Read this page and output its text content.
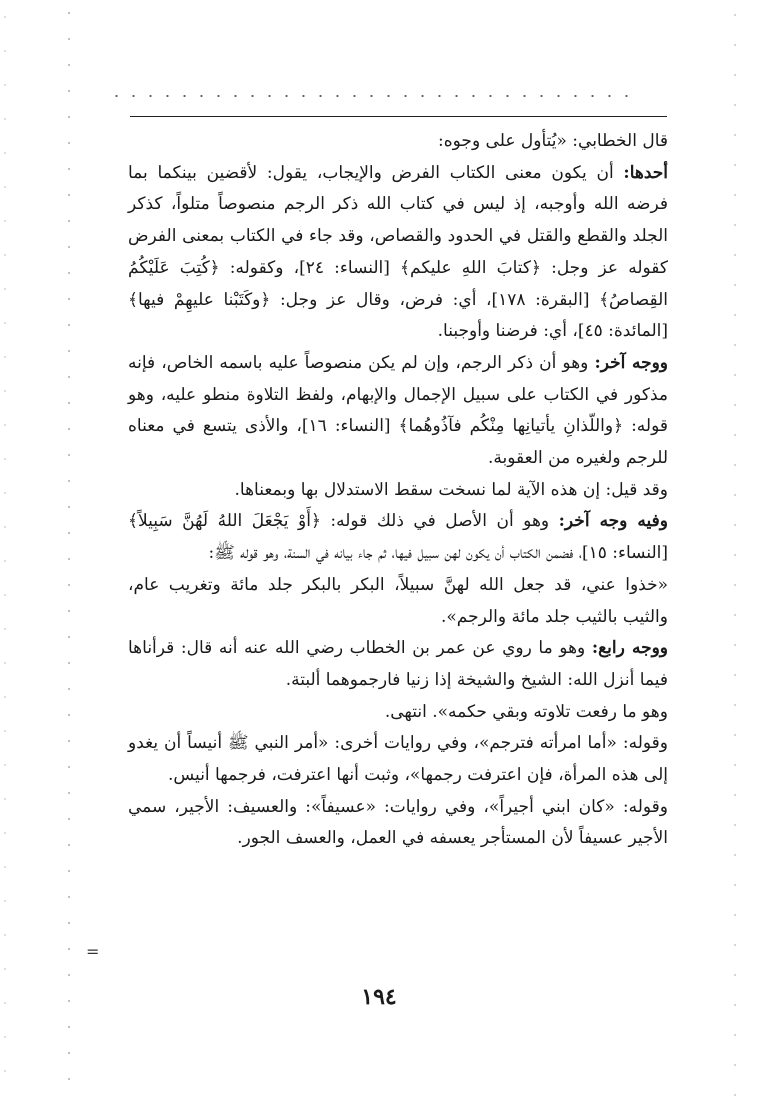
=

قال الخطابي: «يُتأول على وجوه:

أحدها: أن يكون معنى الكتاب الفرض والإيجاب، يقول: لأقضين بينكما بما فرضه الله وأوجبه، إذ ليس في كتاب الله ذكر الرجم منصوصاً متلواً، كذكر الجلد والقطع والقتل في الحدود والقصاص، وقد جاء في الكتاب بمعنى الفرض كقوله عز وجل: ﴿كتابَ اللهِ عليكم﴾ [النساء: ٢٤]، وكقوله: ﴿كُتِبَ عَلَيْكُمُ القِصاصُ﴾ [البقرة: ١٧٨]، أي: فرض، وقال عز وجل: ﴿وكَتَبْنا عليهِمْ فيها﴾ [المائدة: ٤٥]، أي: فرضنا وأوجبنا.

ووجه آخر: وهو أن ذكر الرجم، وإن لم يكن منصوصاً عليه باسمه الخاص، فإنه مذكور في الكتاب على سبيل الإجمال والإبهام، ولفظ التلاوة منطو عليه، وهو قوله: ﴿واللّذانِ يأتيانِها مِنْكُم فآذُوهُما﴾ [النساء: ١٦]، والأذى يتسع في معناه للرجم ولغيره من العقوبة.

وقد قيل: إن هذه الآية لما نسخت سقط الاستدلال بها وبمعناها.

وفيه وجه آخر: وهو أن الأصل في ذلك قوله: ﴿أَوْ يَجْعَلَ اللهُ لَهُنَّ سَبِيلاً﴾ [النساء: ١٥]، فضمن الكتاب أن يكون لهن سبيل فيها، ثم جاء بيانه في السنة، وهو قوله ﷺ:

«خذوا عني، قد جعل الله لهنَّ سبيلاً، البكر بالبكر جلد مائة وتغريب عام، والثيب بالثيب جلد مائة والرجم».

ووجه رابع: وهو ما روي عن عمر بن الخطاب رضي الله عنه أنه قال: قرأناها فيما أنزل الله: الشيخ والشيخة إذا زنيا فارجموهما ألبتة.

وهو ما رفعت تلاوته وبقي حكمه». انتهى.

وقوله: «أما امرأته فترجم»، وفي روايات أخرى: «أمر النبي ﷺ أنيساً أن يغدو إلى هذه المرأة، فإن اعترفت رجمها»، وثبت أنها اعترفت، فرجمها أنيس.

وقوله: «كان ابني أجيراً»، وفي روايات: «عسيفاً»: والعسيف: الأجير، سمي الأجير عسيفاً لأن المستأجر يعسفه في العمل، والعسف الجور.

١٩٤
